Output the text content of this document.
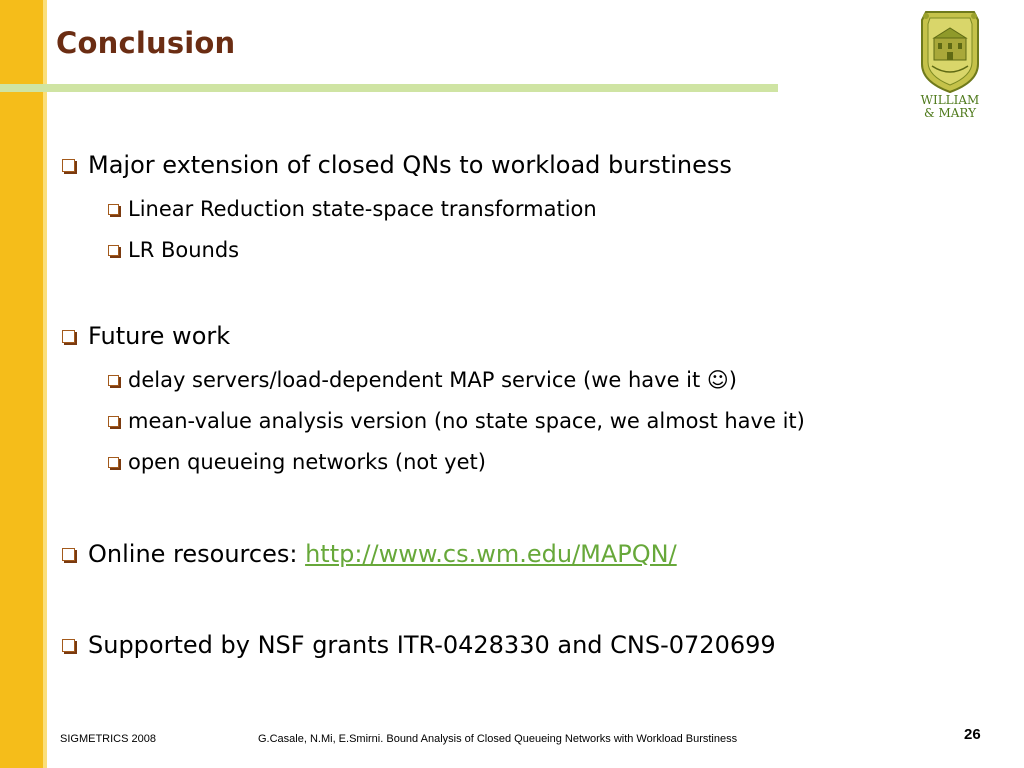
Conclusion
WILLIAM
& MARY
Major extension of closed QNs to workload burstiness
Linear Reduction state-space transformation
LR Bounds
Future work
delay servers/load-dependent MAP service (we have it ☺)
mean-value analysis version (no state space, we almost have it)
open queueing networks (not yet)
Online resources: http://www.cs.wm.edu/MAPQN/
Supported by NSF grants ITR-0428330 and CNS-0720699
SIGMETRICS 2008	G.Casale, N.Mi, E.Smirni. Bound Analysis of Closed Queueing Networks with Workload Burstiness	26
